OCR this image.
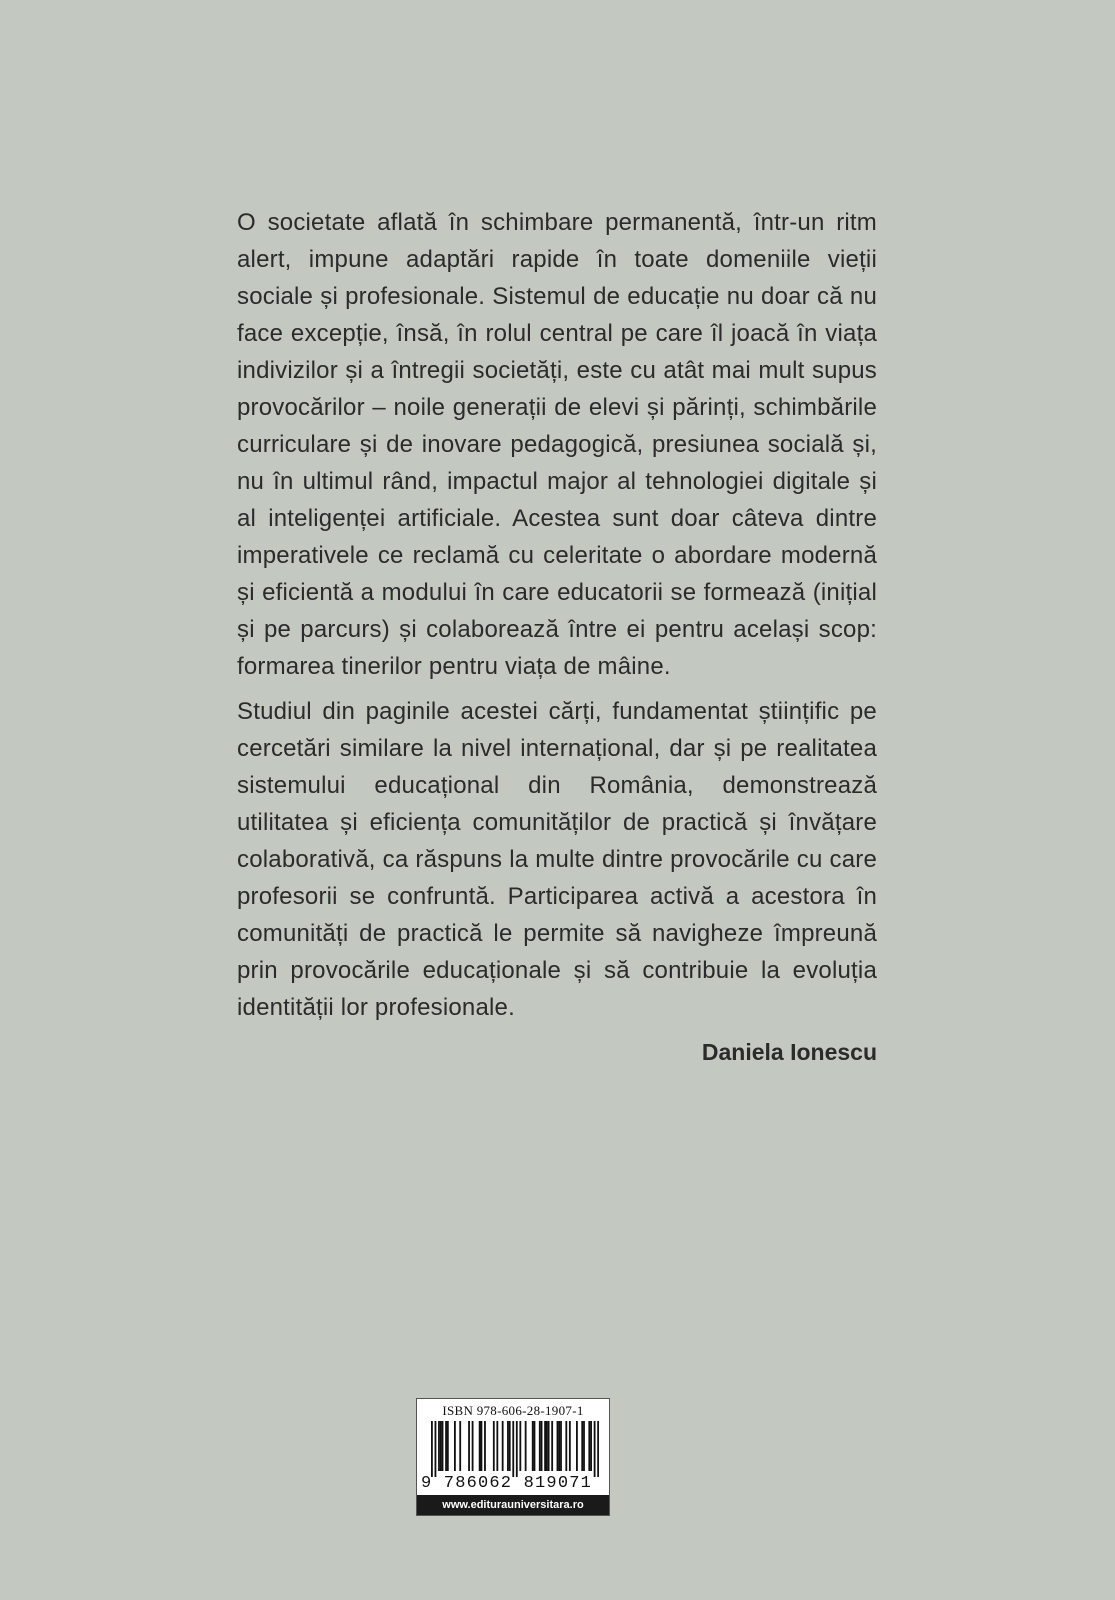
O societate aflată în schimbare permanentă, într-un ritm alert, impune adaptări rapide în toate domeniile vieții sociale și profesionale. Sistemul de educație nu doar că nu face excepție, însă, în rolul central pe care îl joacă în viața indivizilor și a întregii societăți, este cu atât mai mult supus provocărilor – noile generații de elevi și părinți, schimbările curriculare și de inovare pedagogică, presiunea socială și, nu în ultimul rând, impactul major al tehnologiei digitale și al inteligenței artificiale. Acestea sunt doar câteva dintre imperativele ce reclamă cu celeritate o abordare modernă și eficientă a modului în care educatorii se formează (inițial și pe parcurs) și colaborează între ei pentru același scop: formarea tinerilor pentru viața de mâine.

Studiul din paginile acestei cărți, fundamentat științific pe cercetări similare la nivel internațional, dar și pe realitatea sistemului educațional din România, demonstrează utilitatea și eficiența comunităților de practică și învățare colaborativă, ca răspuns la multe dintre provocările cu care profesorii se confruntă. Participarea activă a acestora în comunități de practică le permite să navigheze împreună prin provocările educaționale și să contribuie la evoluția identității lor profesionale.

Daniela Ionescu
ISBN 978-606-28-1907-1
9 786062 819071
www.editurauniversitara.ro
